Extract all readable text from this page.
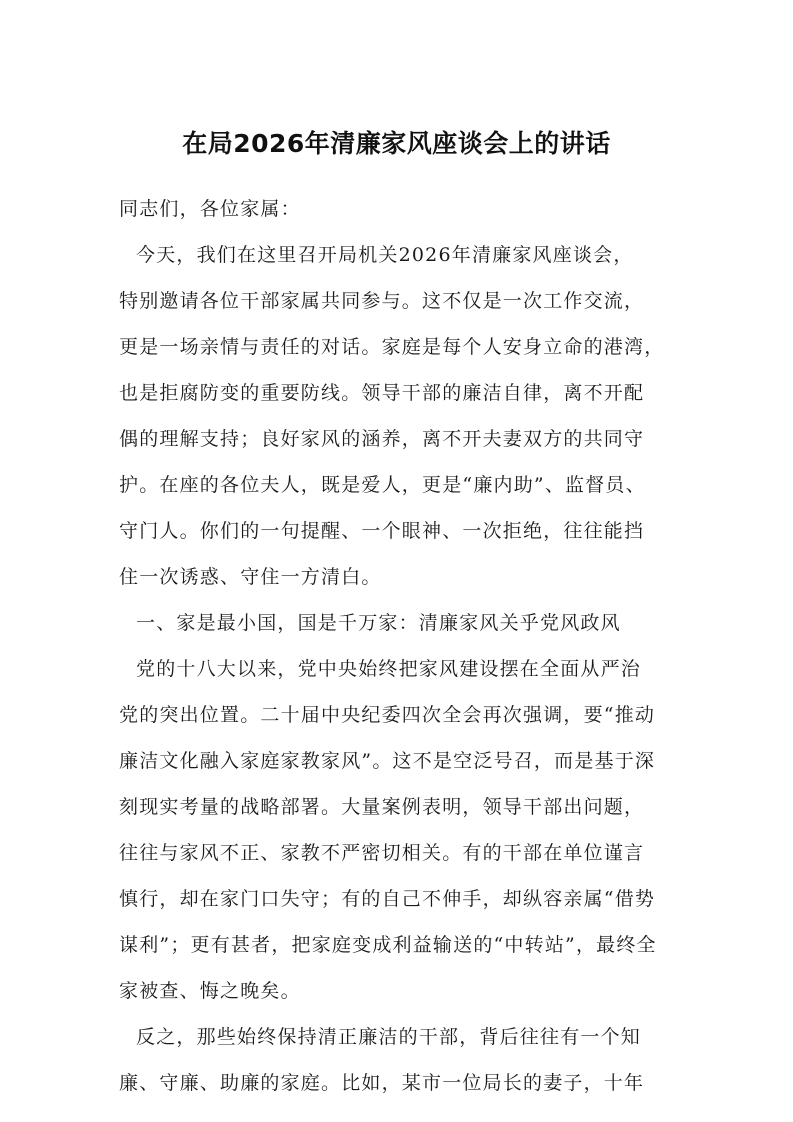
在局2026年清廉家风座谈会上的讲话
同志们，各位家属：
今天，我们在这里召开局机关2026年清廉家风座谈会，
特别邀请各位干部家属共同参与。这不仅是一次工作交流，
更是一场亲情与责任的对话。家庭是每个人安身立命的港湾，
也是拒腐防变的重要防线。领导干部的廉洁自律，离不开配
偶的理解支持；良好家风的涵养，离不开夫妻双方的共同守
护。在座的各位夫人，既是爱人，更是“廉内助”、监督员、
守门人。你们的一句提醒、一个眼神、一次拒绝，往往能挡
住一次诱惑、守住一方清白。
一、家是最小国，国是千万家：清廉家风关乎党风政风
党的十八大以来，党中央始终把家风建设摆在全面从严治
党的突出位置。二十届中央纪委四次全会再次强调，要“推动
廉洁文化融入家庭家教家风”。这不是空泛号召，而是基于深
刻现实考量的战略部署。大量案例表明，领导干部出问题，
往往与家风不正、家教不严密切相关。有的干部在单位谨言
慎行，却在家门口失守；有的自己不伸手，却纵容亲属“借势
谋利”；更有甚者，把家庭变成利益输送的“中转站”，最终全
家被查、悔之晚矣。
反之，那些始终保持清正廉洁的干部，背后往往有一个知
廉、守廉、助廉的家庭。比如，某市一位局长的妻子，十年
